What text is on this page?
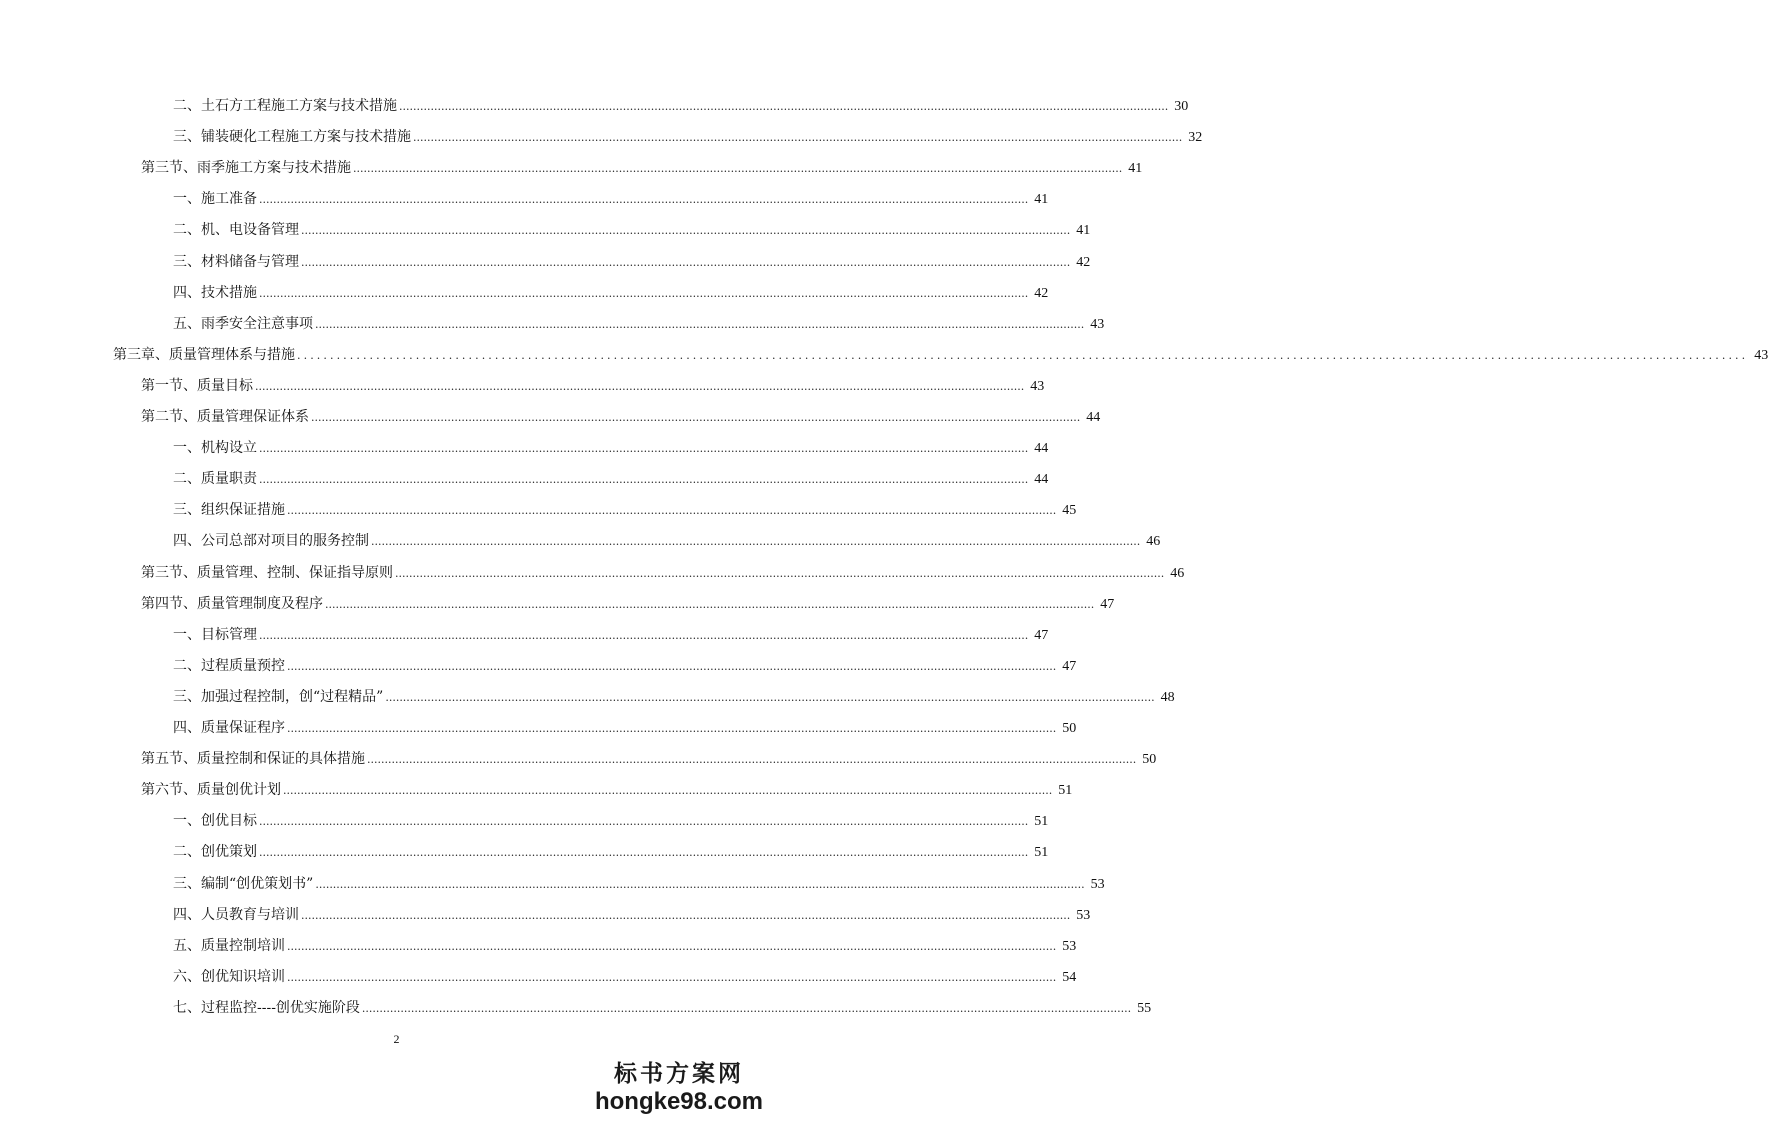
二、土石方工程施工方案与技术措施 ............................................................................................................................................................................................................................ 30
三、铺装硬化工程施工方案与技术措施 ............................................................................................................................................................................................................................ 32
第三节、雨季施工方案与技术措施 ............................................................................................................................................................................................................................ 41
一、施工准备 ............................................................................................................................................................................................................................ 41
二、机、电设备管理 ............................................................................................................................................................................................................................ 41
三、材料储备与管理 ............................................................................................................................................................................................................................ 42
四、技术措施 ............................................................................................................................................................................................................................ 42
五、雨季安全注意事项 ............................................................................................................................................................................................................................ 43
第三章、质量管理体系与措施 ............................................................................................................................................................................................................................ 43
第一节、质量目标 ............................................................................................................................................................................................................................ 43
第二节、质量管理保证体系 ............................................................................................................................................................................................................................ 44
一、机构设立 ............................................................................................................................................................................................................................ 44
二、质量职责 ............................................................................................................................................................................................................................ 44
三、组织保证措施 ............................................................................................................................................................................................................................ 45
四、公司总部对项目的服务控制 ............................................................................................................................................................................................................................ 46
第三节、质量管理、控制、保证指导原则 ............................................................................................................................................................................................................................ 46
第四节、质量管理制度及程序 ............................................................................................................................................................................................................................ 47
一、目标管理 ............................................................................................................................................................................................................................ 47
二、过程质量预控 ............................................................................................................................................................................................................................ 47
三、加强过程控制，创“过程精品” ............................................................................................................................................................................................................................ 48
四、质量保证程序 ............................................................................................................................................................................................................................ 50
第五节、质量控制和保证的具体措施 ............................................................................................................................................................................................................................ 50
第六节、质量创优计划 ............................................................................................................................................................................................................................ 51
一、创优目标 ............................................................................................................................................................................................................................ 51
二、创优策划 ............................................................................................................................................................................................................................ 51
三、编制“创优策划书” ............................................................................................................................................................................................................................ 53
四、人员教育与培训 ............................................................................................................................................................................................................................ 53
五、质量控制培训 ............................................................................................................................................................................................................................ 53
六、创优知识培训 ............................................................................................................................................................................................................................ 54
七、过程监控----创优实施阶段 ............................................................................................................................................................................................................................ 55
2
标书方案网
hongke98.com
